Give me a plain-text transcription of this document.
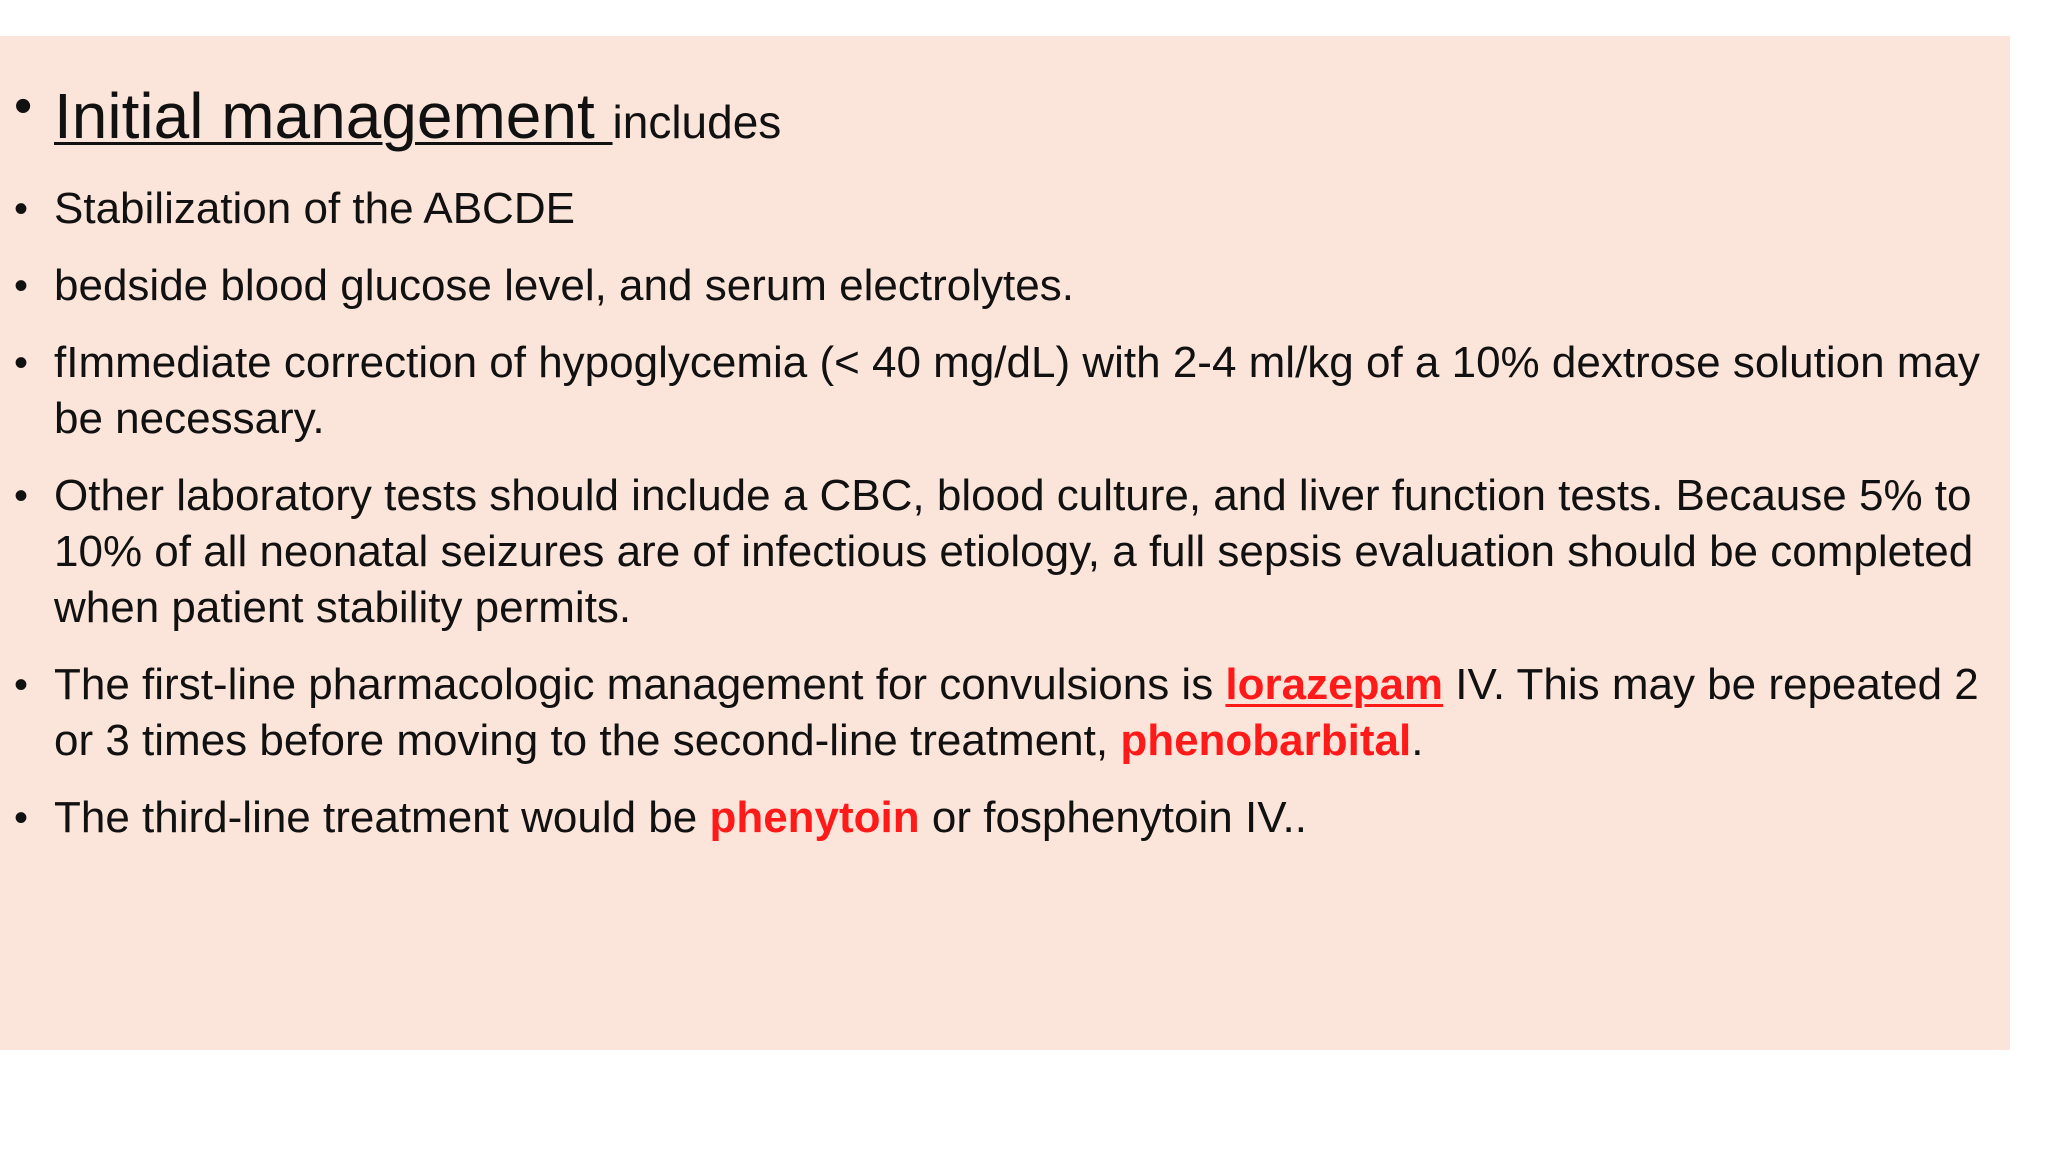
• Initial management includes
• Stabilization of the ABCDE
• bedside blood glucose level, and serum electrolytes.
• fImmediate correction of hypoglycemia (< 40 mg/dL) with 2-4 ml/kg of a 10% dextrose solution may be necessary.
• Other laboratory tests should include a CBC, blood culture, and liver function tests. Because 5% to 10% of all neonatal seizures are of infectious etiology, a full sepsis evaluation should be completed when patient stability permits.
• The first-line pharmacologic management for convulsions is lorazepam IV. This may be repeated 2 or 3 times before moving to the second-line treatment, phenobarbital.
• The third-line treatment would be phenytoin or fosphenytoin IV..
